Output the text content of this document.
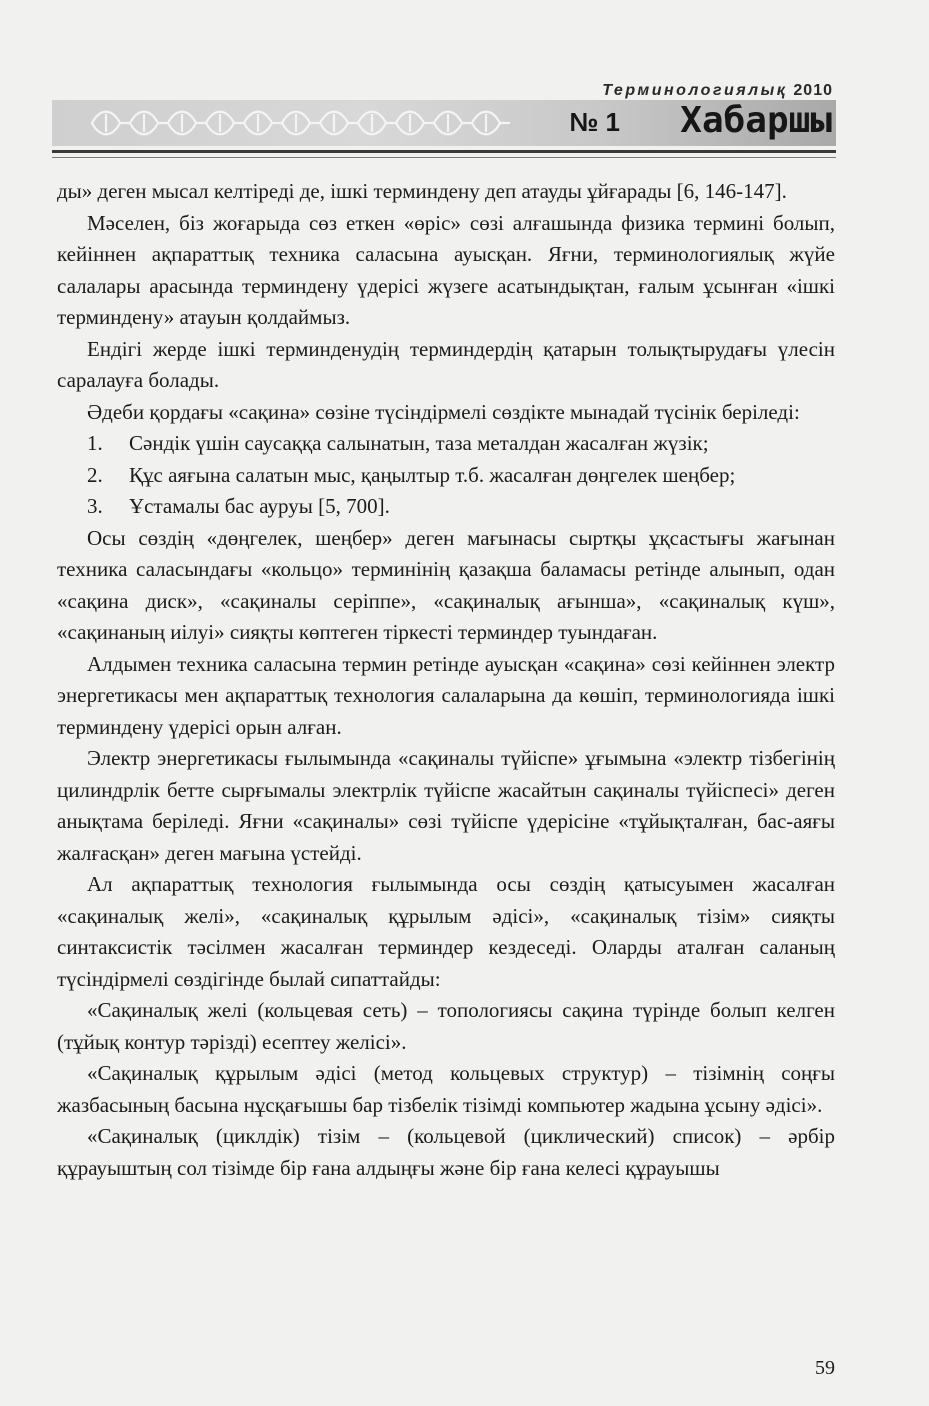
Терминологиялық 2010
№ 1 Хабаршы

ды» деген мысал келтіреді де, ішкі терминдену деп атауды ұйғарады [6, 146-147].

Мәселен, біз жоғарыда сөз еткен «өріс» сөзі алғашында физика термині болып, кейіннен ақпараттық техника саласына ауысқан. Яғни, терминологиялық жүйе салалары арасында терминдену үдерісі жүзеге асатындықтан, ғалым ұсынған «ішкі терминдену» атауын қолдаймыз.

Ендігі жерде ішкі терминденудің терминдердің қатарын толықтырудағы үлесін саралауға болады.

Әдеби қордағы «сақина» сөзіне түсіндірмелі сөздікте мынадай түсінік беріледі:

1.	Сәндік үшін саусаққа салынатын, таза металдан жасалған жүзік;

2. Құс аяғына салатын мыс, қаңылтыр т.б. жасалған дөңгелек шеңбер;

3.	Ұстамалы бас ауруы [5, 700].

Осы сөздің «дөңгелек, шеңбер» деген мағынасы сыртқы ұқсастығы жағынан техника саласындағы «кольцо» терминінің қазақша баламасы ретінде алынып, одан «сақина диск», «сақиналы серіппе», «сақиналық ағынша», «сақиналық күш», «сақинаның иілуі» сияқты көптеген тіркесті терминдер туындаған.

Алдымен техника саласына термин ретінде ауысқан «сақина» сөзі кейіннен электр энергетикасы мен ақпараттық технология салаларына да көшіп, терминологияда ішкі терминдену үдерісі орын алған.

Электр энергетикасы ғылымында «сақиналы түйіспе» ұғымына «электр тізбегінің цилиндрлік бетте сырғымалы электрлік түйіспе жасайтын сақиналы түйіспесі» деген анықтама беріледі. Яғни «сақиналы» сөзі түйіспе үдерісіне «тұйықталған, бас-аяғы жалғасқан» деген мағына үстейді.

Ал ақпараттық технология ғылымында осы сөздің қатысуымен жасалған «сақиналық желі», «сақиналық құрылым әдісі», «сақиналық тізім» сияқты синтаксистік тәсілмен жасалған терминдер кездеседі. Оларды аталған саланың түсіндірмелі сөздігінде былай сипаттайды:

«Сақиналық желі (кольцевая сеть) – топологиясы сақина түрінде болып келген (тұйық контур тәрізді) есептеу желісі».

«Сақиналық құрылым әдісі (метод кольцевых структур) – тізімнің соңғы жазбасының басына нұсқағышы бар тізбелік тізімді компьютер жадына ұсыну әдісі».

«Сақиналық (циклдік) тізім – (кольцевой (циклический) список) – әрбір құрауыштың сол тізімде бір ғана алдыңғы және бір ғана келесі құрауышы

59
